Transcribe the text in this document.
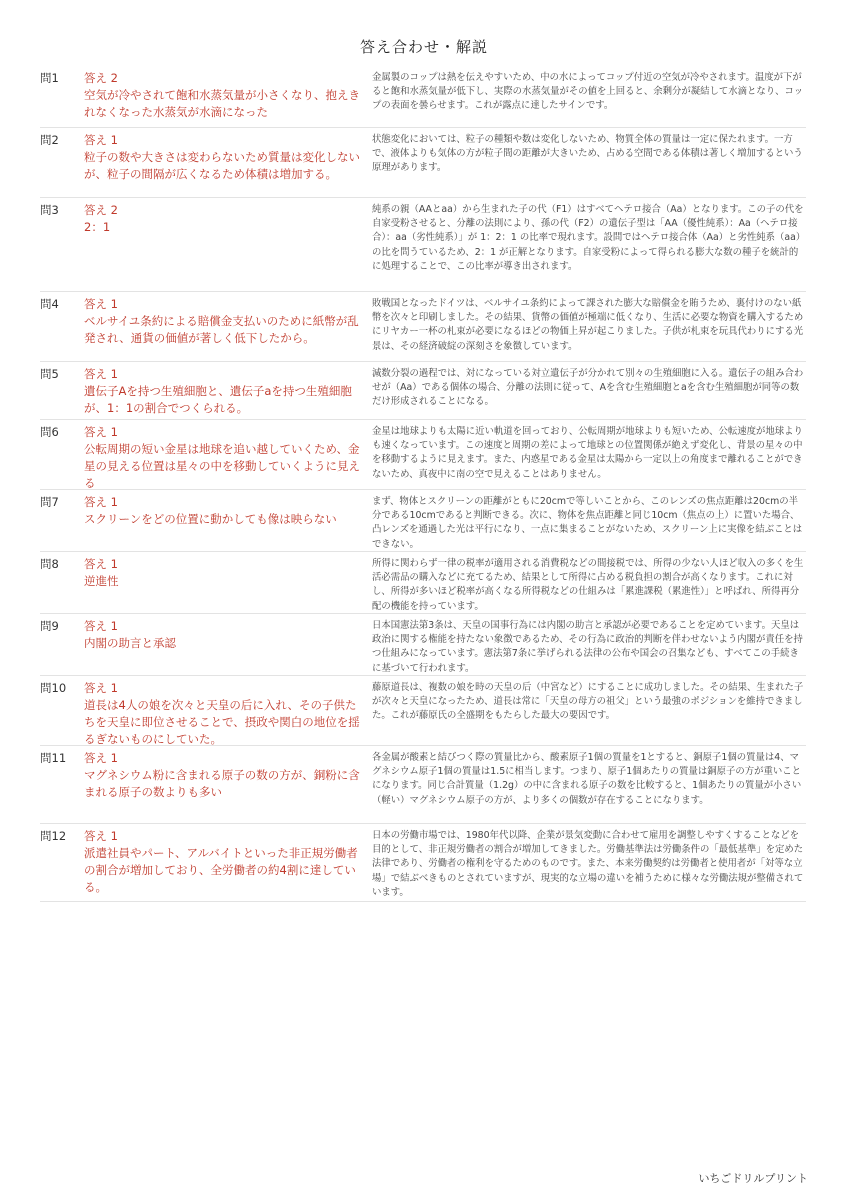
答え合わせ・解説
問1	答え 2
空気が冷やされて飽和水蒸気量が小さくなり、抱えきれなくなった水蒸気が水滴になった
金属製のコップは熱を伝えやすいため、中の水によってコップ付近の空気が冷やされます。温度が下がると飽和水蒸気量が低下し、実際の水蒸気量がその値を上回ると、余剰分が凝結して水滴となり、コップの表面を曇らせます。これが露点に達したサインです。
問2	答え 1
粒子の数や大きさは変わらないため質量は変化しないが、粒子の間隔が広くなるため体積は増加する。
状態変化においては、粒子の種類や数は変化しないため、物質全体の質量は一定に保たれます。一方で、液体よりも気体の方が粒子間の距離が大きいため、占める空間である体積は著しく増加するという原理があります。
問3	答え 2
2：1
純系の親（AAとaa）から生まれた子の代（F1）はすべてヘテロ接合（Aa）となります。この子の代を自家受粉させると、分離の法則により、孫の代（F2）の遺伝子型は「AA（優性純系）：Aa（ヘテロ接合）：aa（劣性純系）」が 1：2：1 の比率で現れます。設問ではヘテロ接合体（Aa）と劣性純系（aa）の比を問うているため、2：1 が正解となります。自家受粉によって得られる膨大な数の種子を統計的に処理することで、この比率が導き出されます。
問4	答え 1
ベルサイユ条約による賠償金支払いのために紙幣が乱発され、通貨の価値が著しく低下したから。
敗戦国となったドイツは、ベルサイユ条約によって課された膨大な賠償金を賄うため、裏付けのない紙幣を次々と印刷しました。その結果、貨幣の価値が極端に低くなり、生活に必要な物資を購入するためにリヤカー一杯の札束が必要になるほどの物価上昇が起こりました。子供が札束を玩具代わりにする光景は、その経済破綻の深刻さを象徴しています。
問5	答え 1
遺伝子Aを持つ生殖細胞と、遺伝子aを持つ生殖細胞が、1：1の割合でつくられる。
減数分裂の過程では、対になっている対立遺伝子が分かれて別々の生殖細胞に入る。遺伝子の組み合わせが（Aa）である個体の場合、分離の法則に従って、Aを含む生殖細胞とaを含む生殖細胞が同等の数だけ形成されることになる。
問6	答え 1
公転周期の短い金星は地球を追い越していくため、金星の見える位置は星々の中を移動していくように見える
金星は地球よりも太陽に近い軌道を回っており、公転周期が地球よりも短いため、公転速度が地球よりも速くなっています。この速度と周期の差によって地球との位置関係が絶えず変化し、背景の星々の中を移動するように見えます。また、内惑星である金星は太陽から一定以上の角度まで離れることができないため、真夜中に南の空で見えることはありません。
問7	答え 1
スクリーンをどの位置に動かしても像は映らない
まず、物体とスクリーンの距離がともに20cmで等しいことから、このレンズの焦点距離は20cmの半分である10cmであると判断できる。次に、物体を焦点距離と同じ10cm（焦点の上）に置いた場合、凸レンズを通過した光は平行になり、一点に集まることがないため、スクリーン上に実像を結ぶことはできない。
問8	答え 1
逆進性
所得に関わらず一律の税率が適用される消費税などの間接税では、所得の少ない人ほど収入の多くを生活必需品の購入などに充てるため、結果として所得に占める税負担の割合が高くなります。これに対し、所得が多いほど税率が高くなる所得税などの仕組みは「累進課税（累進性）」と呼ばれ、所得再分配の機能を持っています。
問9	答え 1
内閣の助言と承認
日本国憲法第3条は、天皇の国事行為には内閣の助言と承認が必要であることを定めています。天皇は政治に関する権能を持たない象徴であるため、その行為に政治的判断を伴わせないよう内閣が責任を持つ仕組みになっています。憲法第7条に挙げられる法律の公布や国会の召集なども、すべてこの手続きに基づいて行われます。
問10	答え 1
道長は4人の娘を次々と天皇の后に入れ、その子供たちを天皇に即位させることで、摂政や関白の地位を揺るぎないものにしていた。
藤原道長は、複数の娘を時の天皇の后（中宮など）にすることに成功しました。その結果、生まれた子が次々と天皇になったため、道長は常に「天皇の母方の祖父」という最強のポジションを維持できました。これが藤原氏の全盛期をもたらした最大の要因です。
問11	答え 1
マグネシウム粉に含まれる原子の数の方が、銅粉に含まれる原子の数よりも多い
各金属が酸素と結びつく際の質量比から、酸素原子1個の質量を1とすると、銅原子1個の質量は4、マグネシウム原子1個の質量は1.5に相当します。つまり、原子1個あたりの質量は銅原子の方が重いことになります。同じ合計質量（1.2g）の中に含まれる原子の数を比較すると、1個あたりの質量が小さい（軽い）マグネシウム原子の方が、より多くの個数が存在することになります。
問12	答え 1
派遣社員やパート、アルバイトといった非正規労働者の割合が増加しており、全労働者の約4割に達している。
日本の労働市場では、1980年代以降、企業が景気変動に合わせて雇用を調整しやすくすることなどを目的として、非正規労働者の割合が増加してきました。労働基準法は労働条件の「最低基準」を定めた法律であり、労働者の権利を守るためのものです。また、本来労働契約は労働者と使用者が「対等な立場」で結ぶべきものとされていますが、現実的な立場の違いを補うために様々な労働法規が整備されています。
いちごドリルプリント
